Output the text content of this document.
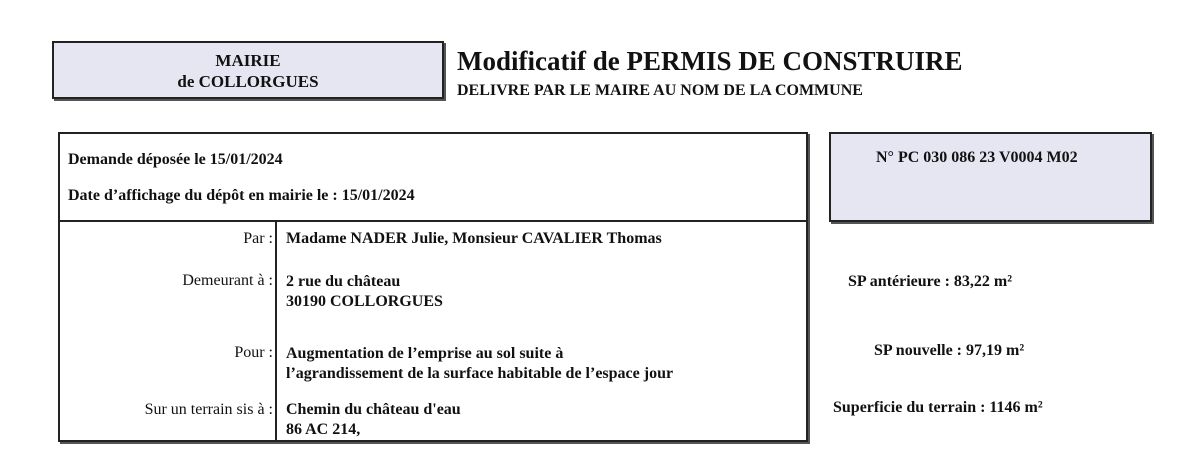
MAIRIE
de COLLORGUES
Modificatif de PERMIS DE CONSTRUIRE
DELIVRE PAR LE MAIRE AU NOM DE LA COMMUNE
Demande déposée le 15/01/2024
Date d’affichage du dépôt en mairie le : 15/01/2024
Par : Madame NADER Julie, Monsieur CAVALIER Thomas
Demeurant à : 2 rue du château
30190 COLLORGUES
Pour : Augmentation de l’emprise au sol suite à
l’agrandissement de la surface habitable de l’espace jour
Sur un terrain sis à : Chemin du château d'eau
86 AC 214,
N° PC 030 086 23 V0004 M02
SP antérieure : 83,22 m²
SP nouvelle : 97,19 m²
Superficie du terrain : 1146 m²
